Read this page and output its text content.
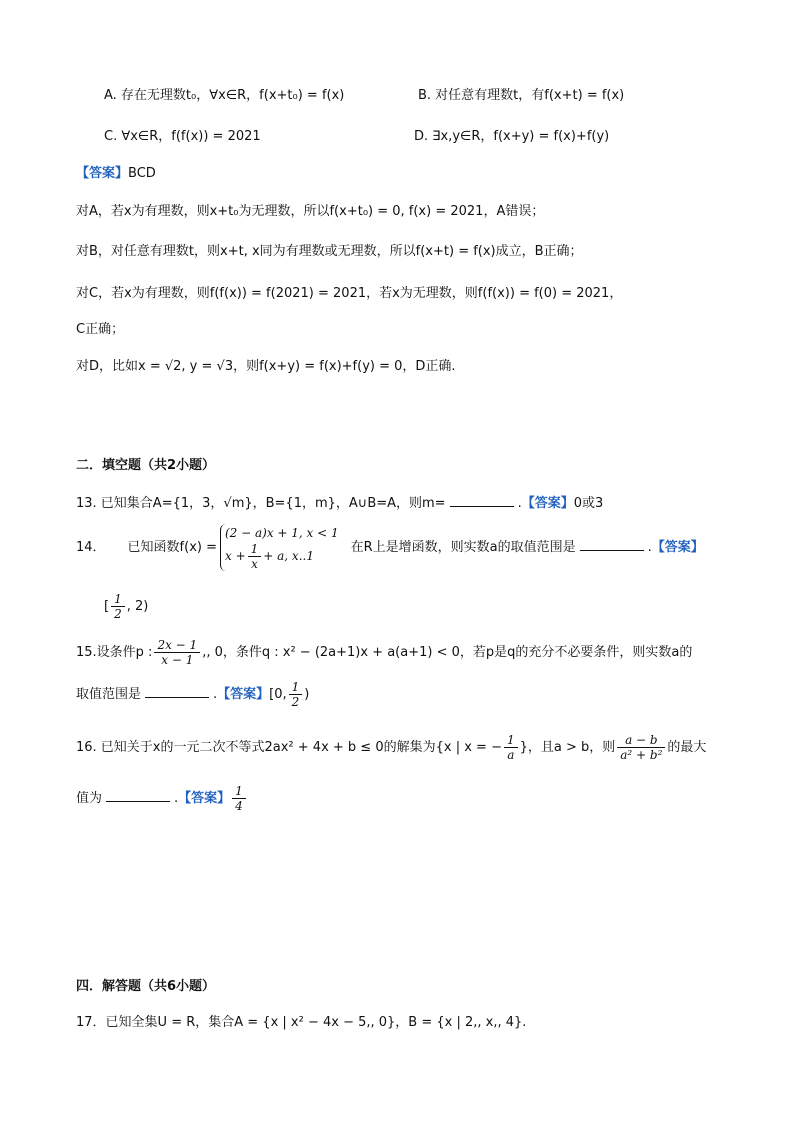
A. 存在无理数t₀，∀x∈R，f(x+t₀) = f(x)	B. 对任意有理数t，有f(x+t) = f(x)
C. ∀x∈R，f(f(x)) = 2021	D. ∃x,y∈R，f(x+y) = f(x)+f(y)
【答案】BCD
对A，若x为有理数，则x+t₀为无理数，所以f(x+t₀) = 0, f(x) = 2021，A错误；
对B，对任意有理数t，则x+t, x同为有理数或无理数，所以f(x+t) = f(x)成立，B正确；
对C，若x为有理数，则f(f(x)) = f(2021) = 2021，若x为无理数，则f(f(x)) = f(0) = 2021，
C正确；
对D，比如x = √2, y = √3，则f(x+y) = f(x)+f(y) = 0，D正确.
二．填空题（共2小题）
13. 已知集合A={1，3，√m}，B={1，m}，A∪B=A，则m=	.【答案】0或3
14． 已知函数f(x) =
(2 − a)x + 1, x < 1
$x + \frac{1}{x} + a$, x..1
在R上是增函数，则实数a的取值范围是	.【答案】
[ $\frac{1}{2}$ , 2)
15.设条件p : $\frac{2x - 1}{x - 1}$ ,, 0，条件q : x² − (2a+1)x + a(a+1) < 0，若p是q的充分不必要条件，则实数a的
取值范围是	.【答案】[0, $\frac{1}{2}$ )
16. 已知关于x的一元二次不等式2ax² + 4x + b ≤ 0的解集为{x | x = − $\frac{1}{a}$ }，且a > b，则 $\frac{a - b}{\text{a² + b²}}$ 的最大
值为	.【答案】 $\frac{1}{4}$
四．解答题（共6小题）
17．已知全集U = R，集合A = {x | x² − 4x − 5,, 0}，B = {x | 2,, x,, 4}.
